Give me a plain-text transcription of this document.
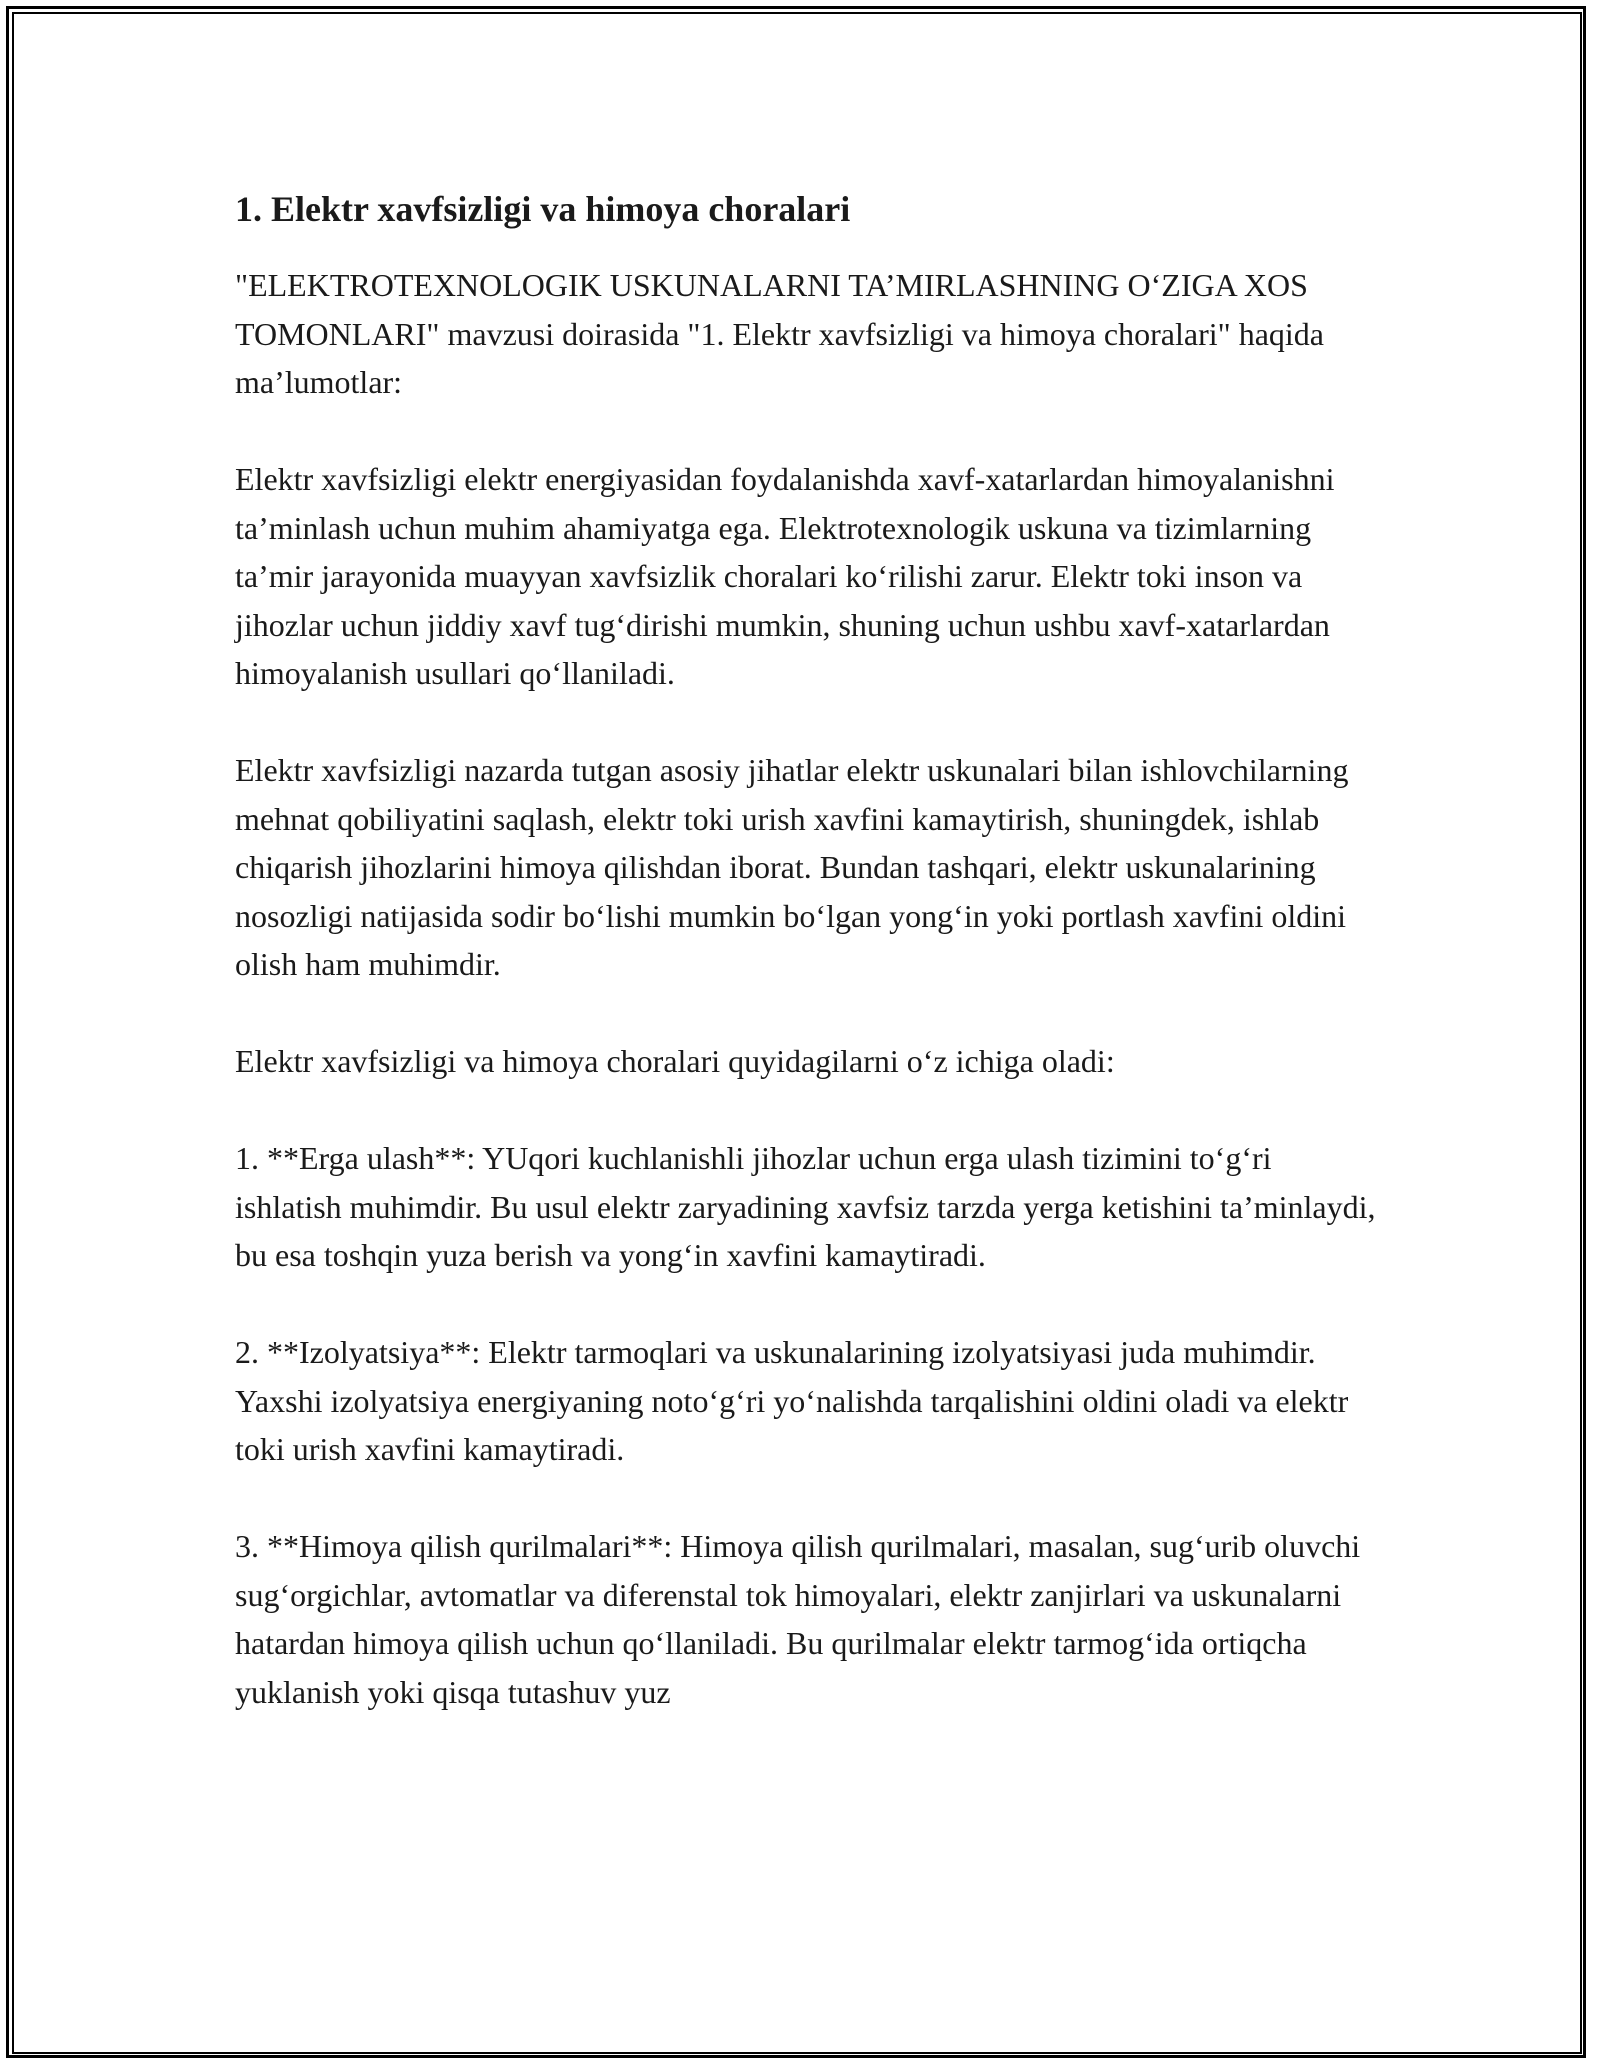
1. Elektr xavfsizligi va himoya choralari

"ELEKTROTEXNOLOGIK USKUNALARNI TA’MIRLASHNING O‘ZIGA XOS TOMONLARI" mavzusi doirasida "1. Elektr xavfsizligi va himoya choralari" haqida ma’lumotlar:

Elektr xavfsizligi elektr energiyasidan foydalanishda xavf-xatarlardan himoyalanishni ta’minlash uchun muhim ahamiyatga ega. Elektrotexnologik uskuna va tizimlarning ta’mir jarayonida muayyan xavfsizlik choralari ko‘rilishi zarur. Elektr toki inson va jihozlar uchun jiddiy xavf tug‘dirishi mumkin, shuning uchun ushbu xavf-xatarlardan himoyalanish usullari qo‘llaniladi.

Elektr xavfsizligi nazarda tutgan asosiy jihatlar elektr uskunalari bilan ishlovchilarning mehnat qobiliyatini saqlash, elektr toki urish xavfini kamaytirish, shuningdek, ishlab chiqarish jihozlarini himoya qilishdan iborat. Bundan tashqari, elektr uskunalarining nosozligi natijasida sodir bo‘lishi mumkin bo‘lgan yong‘in yoki portlash xavfini oldini olish ham muhimdir.

Elektr xavfsizligi va himoya choralari quyidagilarni o‘z ichiga oladi:

1. **Erga ulash**: YUqori kuchlanishli jihozlar uchun erga ulash tizimini to‘g‘ri ishlatish muhimdir. Bu usul elektr zaryadining xavfsiz tarzda yerga ketishini ta’minlaydi, bu esa toshqin yuza berish va yong‘in xavfini kamaytiradi.

2. **Izolyatsiya**: Elektr tarmoqlari va uskunalarining izolyatsiyasi juda muhimdir. Yaxshi izolyatsiya energiyaning noto‘g‘ri yo‘nalishda tarqalishini oldini oladi va elektr toki urish xavfini kamaytiradi.

3. **Himoya qilish qurilmalari**: Himoya qilish qurilmalari, masalan, sug‘urib oluvchi sug‘orgichlar, avtomatlar va diferenstal tok himoyalari, elektr zanjirlari va uskunalarni hatardan himoya qilish uchun qo‘llaniladi. Bu qurilmalar elektr tarmog‘ida ortiqcha yuklanish yoki qisqa tutashuv yuz
